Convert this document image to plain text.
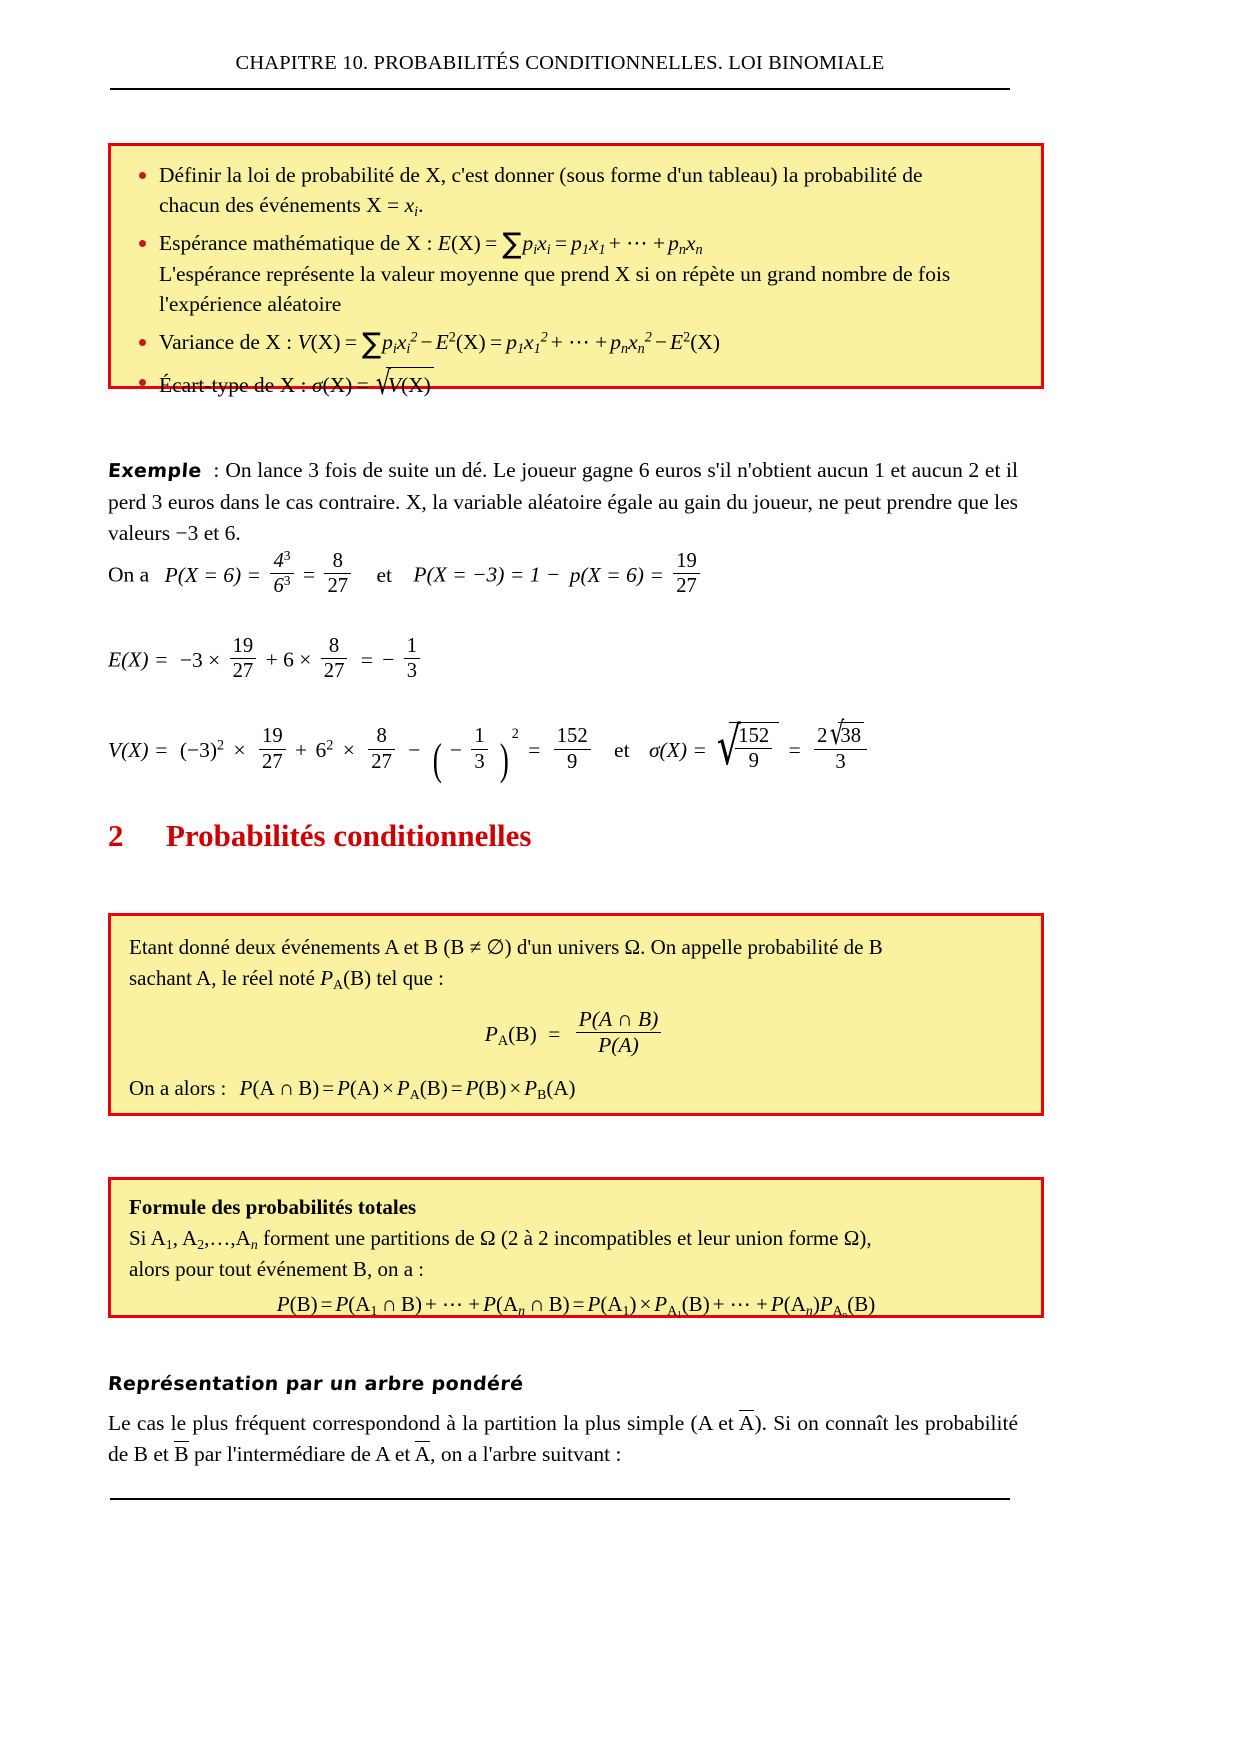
CHAPITRE 10. PROBABILITÉS CONDITIONNELLES. LOI BINOMIALE
Définir la loi de probabilité de X, c'est donner (sous forme d'un tableau) la probabilité de
chacun des événements $X = x_i$.
Espérance mathématique de X : $E(X) = \sum p_ix_i = p_1x_1$ + ⋯ + $p_nx_n$
L'espérance représente la valeur moyenne que prend X si on répète un grand nombre de fois l'expérience aléatoire
Variance de X : $V(X) = \sum p_ix_i^2 - E^2(X) = p_1x_1^2$ + ⋯ + $p_nx_n^2 - E^2(X)$
Écart-type de X : σ(X) = √
V(X)
Exemple : On lance 3 fois de suite un dé. Le joueur gagne 6 euros s'il n'obtient aucun 1 et aucun 2 et il perd 3 euros dans le cas contraire. X, la variable aléatoire égale au gain du joueur, ne peut prendre que les valeurs −3 et 6.
On a $P(X = 6) = \frac{4^3}{6^3} = \frac{8}{27}$ et $P(X = -3) = 1 - p(X = 6) = \frac{19}{27}$
$E(X) = -3 \times \frac{19}{27} + 6 \times \frac{8}{27}$ = − $\frac{1}{3}$
$V(X) = (-3)^2 \times \frac{19}{27} + 6^2 \times \frac{8}{27}$ − ( − $\frac{1}{3} )^2 = \frac{152}{9}$ et σ(X) = √
$\frac{152}{9} = 2$ √
38
3
2 Probabilités conditionnelles
Etant donné deux événements A et B (B ≠ ∅) d'un univers Ω. On appelle probabilité de B
sachant A, le réel noté $P_A(B)$ tel que :
$P_A(B) = \frac{P(A \cap B)}{P(A)}$
On a alors : P(A ∩ $B) = P(A) \times P_A(B) = P(B) \times P_B(A)$
Formule des probabilités totales
Si $A_1$, $A_2,\dots,A_n$ forment une partitions de Ω (2 à 2 incompatibles et leur union forme Ω),
alors pour tout événement B, on a :
$P(B) = P(A_1$ ∩ B) + ⋯ + $P(A_n$ ∩ $B) = P(A_1) \times P_{A_1}(B)$ + ⋯ + $P(A_n)P_{A_n}(B)$
Représentation par un arbre pondéré
Le cas le plus fréquent correspondond à la partition la plus simple (A et A). Si on connaît les probabilité de B et B par l'intermédiare de A et A, on a l'arbre suitvant :
